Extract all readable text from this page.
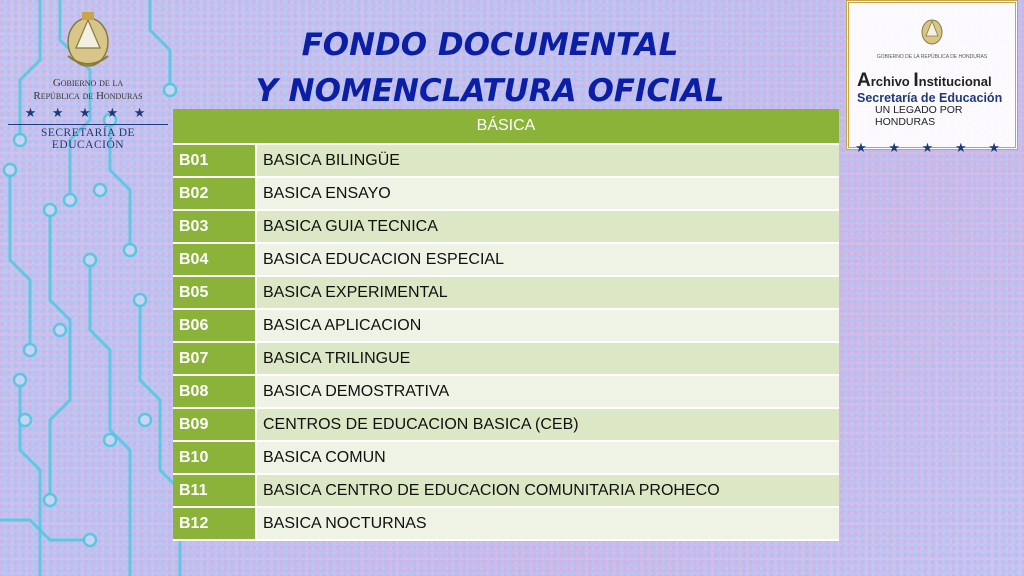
Gobierno de la
República de Honduras
★ ★ ★ ★ ★
SECRETARÍA DE EDUCACIÓN
FONDO DOCUMENTAL
Y NOMENCLATURA OFICIAL
GOBIERNO DE LA REPÚBLICA DE HONDURAS
Archivo Institucional
Secretaría de Educación
UN LEGADO POR HONDURAS
★ ★ ★ ★ ★
BÁSICA	
B01	BASICA BILINGÜE
B02	BASICA ENSAYO
B03	BASICA GUIA TECNICA
B04	BASICA EDUCACION ESPECIAL
B05	BASICA EXPERIMENTAL
B06	BASICA APLICACION
B07	BASICA TRILINGUE
B08	BASICA DEMOSTRATIVA
B09	CENTROS DE EDUCACION BASICA (CEB)
B10	BASICA COMUN
B11	BASICA CENTRO DE EDUCACION COMUNITARIA PROHECO
B12	BASICA NOCTURNAS
